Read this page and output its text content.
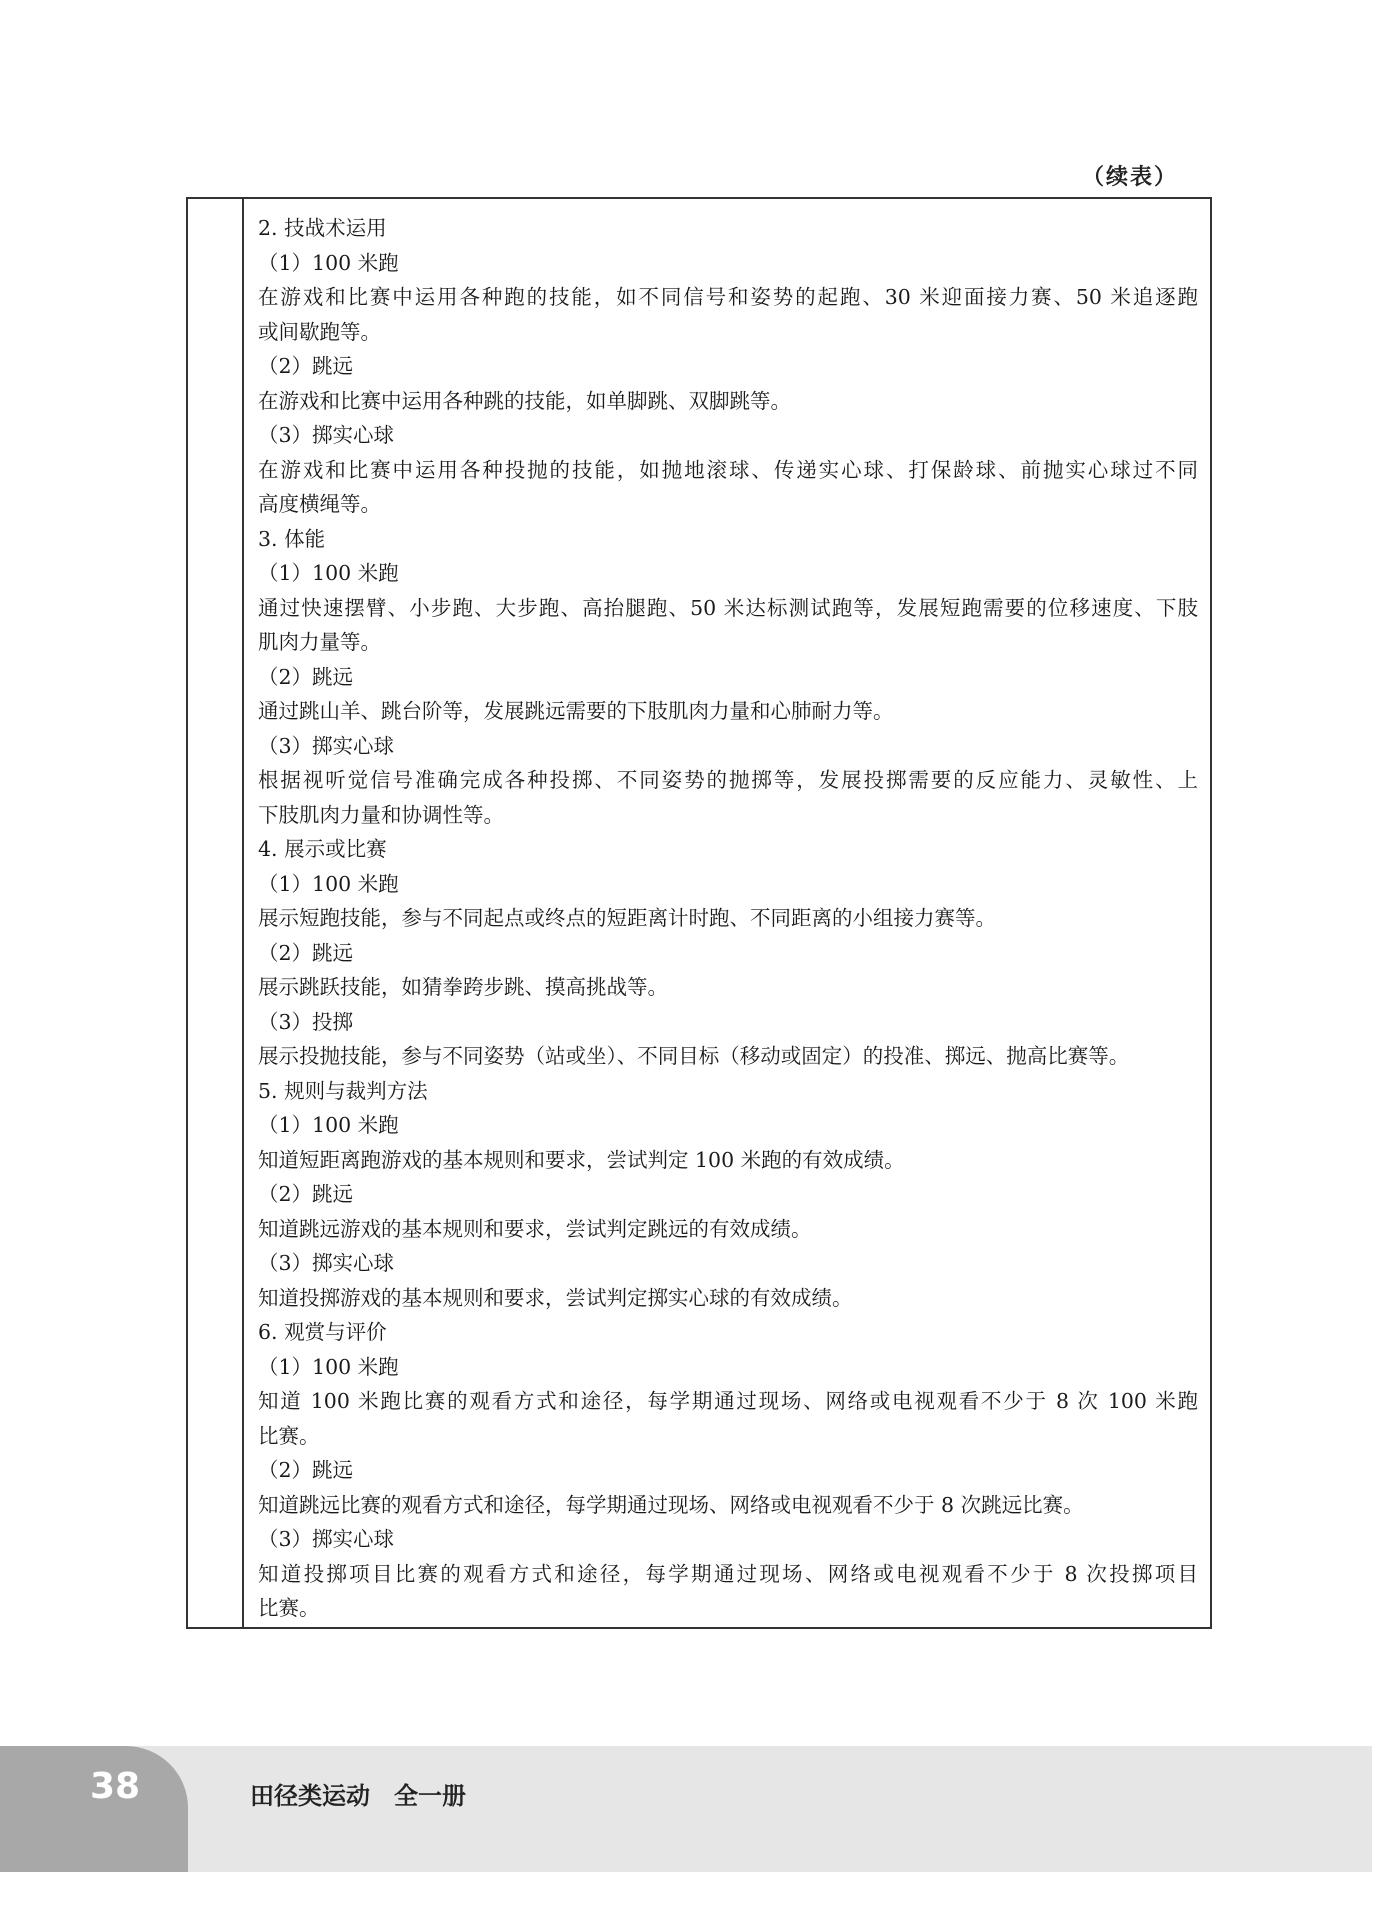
（续表）
2. 技战术运用
（1）100 米跑
在游戏和比赛中运用各种跑的技能，如不同信号和姿势的起跑、30 米迎面接力赛、50 米追逐跑
或间歇跑等。
（2）跳远
在游戏和比赛中运用各种跳的技能，如单脚跳、双脚跳等。
（3）掷实心球
在游戏和比赛中运用各种投抛的技能，如抛地滚球、传递实心球、打保龄球、前抛实心球过不同
高度横绳等。
3. 体能
（1）100 米跑
通过快速摆臂、小步跑、大步跑、高抬腿跑、50 米达标测试跑等，发展短跑需要的位移速度、下肢
肌肉力量等。
（2）跳远
通过跳山羊、跳台阶等，发展跳远需要的下肢肌肉力量和心肺耐力等。
（3）掷实心球
根据视听觉信号准确完成各种投掷、不同姿势的抛掷等，发展投掷需要的反应能力、灵敏性、上
下肢肌肉力量和协调性等。
4. 展示或比赛
（1）100 米跑
展示短跑技能，参与不同起点或终点的短距离计时跑、不同距离的小组接力赛等。
（2）跳远
展示跳跃技能，如猜拳跨步跳、摸高挑战等。
（3）投掷
展示投抛技能，参与不同姿势（站或坐）、不同目标（移动或固定）的投准、掷远、抛高比赛等。
5. 规则与裁判方法
（1）100 米跑
知道短距离跑游戏的基本规则和要求，尝试判定 100 米跑的有效成绩。
（2）跳远
知道跳远游戏的基本规则和要求，尝试判定跳远的有效成绩。
（3）掷实心球
知道投掷游戏的基本规则和要求，尝试判定掷实心球的有效成绩。
6. 观赏与评价
（1）100 米跑
知道 100 米跑比赛的观看方式和途径，每学期通过现场、网络或电视观看不少于 8 次 100 米跑
比赛。
（2）跳远
知道跳远比赛的观看方式和途径，每学期通过现场、网络或电视观看不少于 8 次跳远比赛。
（3）掷实心球
知道投掷项目比赛的观看方式和途径，每学期通过现场、网络或电视观看不少于 8 次投掷项目
比赛。
38	田径类运动　全一册
